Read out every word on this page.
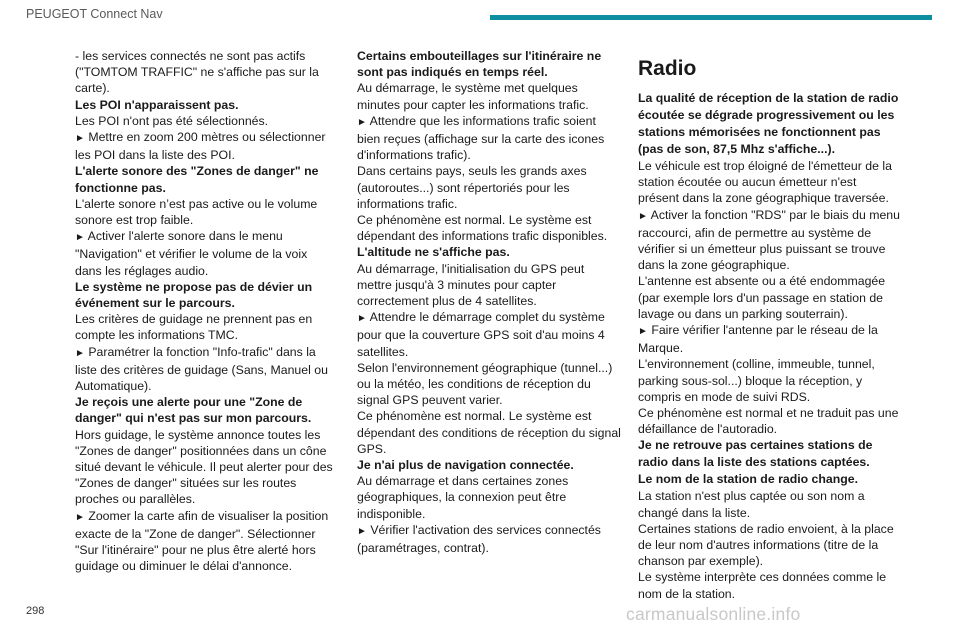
PEUGEOT Connect Nav

- les services connectés ne sont pas actifs ("TOMTOM TRAFFIC" ne s'affiche pas sur la carte).

Les POI n'apparaissent pas.

Les POI n'ont pas été sélectionnés.

► Mettre en zoom 200 mètres ou sélectionner les POI dans la liste des POI.

L'alerte sonore des "Zones de danger" ne fonctionne pas.

L'alerte sonore n’est pas active ou le volume sonore est trop faible.

► Activer l'alerte sonore dans le menu "Navigation" et vérifier le volume de la voix dans les réglages audio.

Le système ne propose pas de dévier un événement sur le parcours.

Les critères de guidage ne prennent pas en compte les informations TMC.

► Paramétrer la fonction "Info-trafic" dans la liste des critères de guidage (Sans, Manuel ou Automatique).

Je reçois une alerte pour une "Zone de danger" qui n'est pas sur mon parcours.

Hors guidage, le système annonce toutes les "Zones de danger" positionnées dans un cône situé devant le véhicule. Il peut alerter pour des "Zones de danger" situées sur les routes proches ou parallèles.

► Zoomer la carte afin de visualiser la position exacte de la "Zone de danger". Sélectionner "Sur l'itinéraire" pour ne plus être alerté hors guidage ou diminuer le délai d'annonce.

Certains embouteillages sur l'itinéraire ne sont pas indiqués en temps réel.

Au démarrage, le système met quelques minutes pour capter les informations trafic.

► Attendre que les informations trafic soient bien reçues (affichage sur la carte des icones d'informations trafic).

Dans certains pays, seuls les grands axes (autoroutes...) sont répertoriés pour les informations trafic.

Ce phénomène est normal. Le système est dépendant des informations trafic disponibles.

L'altitude ne s'affiche pas.

Au démarrage, l'initialisation du GPS peut mettre jusqu'à 3 minutes pour capter correctement plus de 4 satellites.

► Attendre le démarrage complet du système pour que la couverture GPS soit d'au moins 4 satellites.

Selon l'environnement géographique (tunnel...) ou la météo, les conditions de réception du signal GPS peuvent varier.

Ce phénomène est normal. Le système est dépendant des conditions de réception du signal GPS.

Je n'ai plus de navigation connectée.

Au démarrage et dans certaines zones géographiques, la connexion peut être indisponible.

► Vérifier l'activation des services connectés (paramétrages, contrat).

Radio

La qualité de réception de la station de radio écoutée se dégrade progressivement ou les stations mémorisées ne fonctionnent pas (pas de son, 87,5 Mhz s'affiche...).

Le véhicule est trop éloigné de l'émetteur de la station écoutée ou aucun émetteur n'est présent dans la zone géographique traversée.

► Activer la fonction "RDS" par le biais du menu raccourci, afin de permettre au système de vérifier si un émetteur plus puissant se trouve dans la zone géographique.

L'antenne est absente ou a été endommagée (par exemple lors d'un passage en station de lavage ou dans un parking souterrain).

► Faire vérifier l'antenne par le réseau de la Marque.

L'environnement (colline, immeuble, tunnel, parking sous-sol...) bloque la réception, y compris en mode de suivi RDS.

Ce phénomène est normal et ne traduit pas une défaillance de l'autoradio.

Je ne retrouve pas certaines stations de radio dans la liste des stations captées.

Le nom de la station de radio change.

La station n'est plus captée ou son nom a changé dans la liste.

Certaines stations de radio envoient, à la place de leur nom d'autres informations (titre de la chanson par exemple).

Le système interprète ces données comme le nom de la station.

298	carmanualsonline.info
